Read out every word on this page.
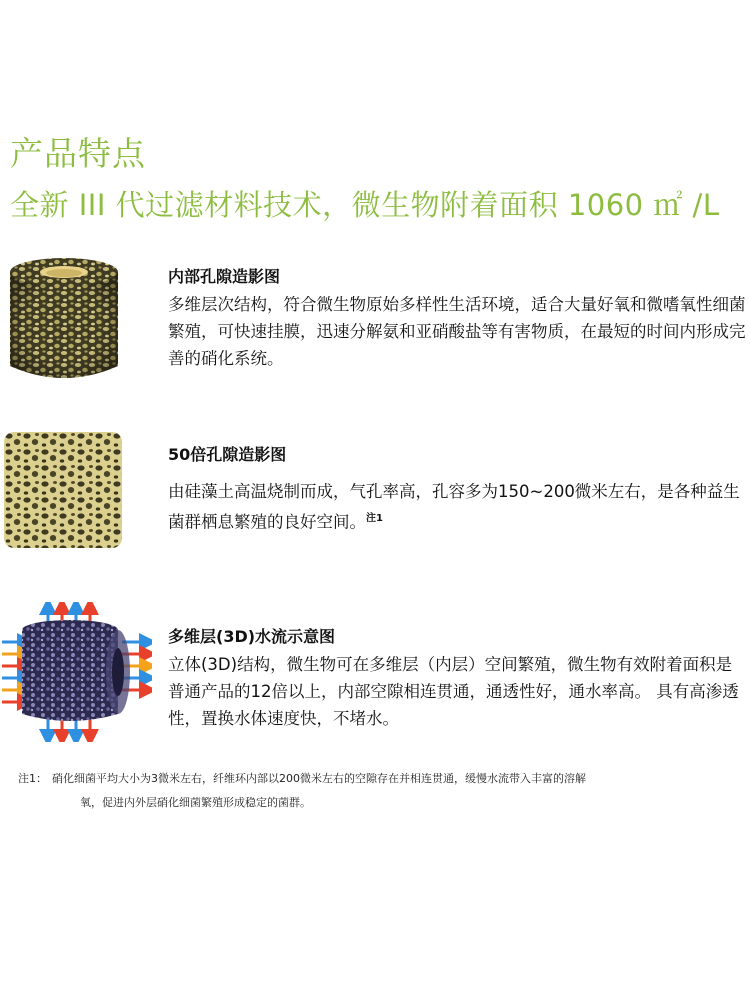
产品特点
全新 III 代过滤材料技术，微生物附着面积 1060 ㎡ /L
内部孔隙造影图
多维层次结构，符合微生物原始多样性生活环境，适合大量好氧和微嗜氧性细菌繁殖，可快速挂膜，迅速分解氨和亚硝酸盐等有害物质，在最短的时间内形成完善的硝化系统。
50倍孔隙造影图
由硅藻土高温烧制而成，气孔率高，孔容多为150~200微米左右，是各种益生菌群栖息繁殖的良好空间。$^{注1}$
多维层(3D)水流示意图
立体(3D)结构，微生物可在多维层（内层）空间繁殖，微生物有效附着面积是普通产品的12倍以上，内部空隙相连贯通，通透性好，通水率高。 具有高渗透性，置换水体速度快，不堵水。
注1： 硝化细菌平均大小为3微米左右，纤维环内部以200微米左右的空隙存在并相连贯通，缓慢水流带入丰富的溶解
氧，促进内外层硝化细菌繁殖形成稳定的菌群。
